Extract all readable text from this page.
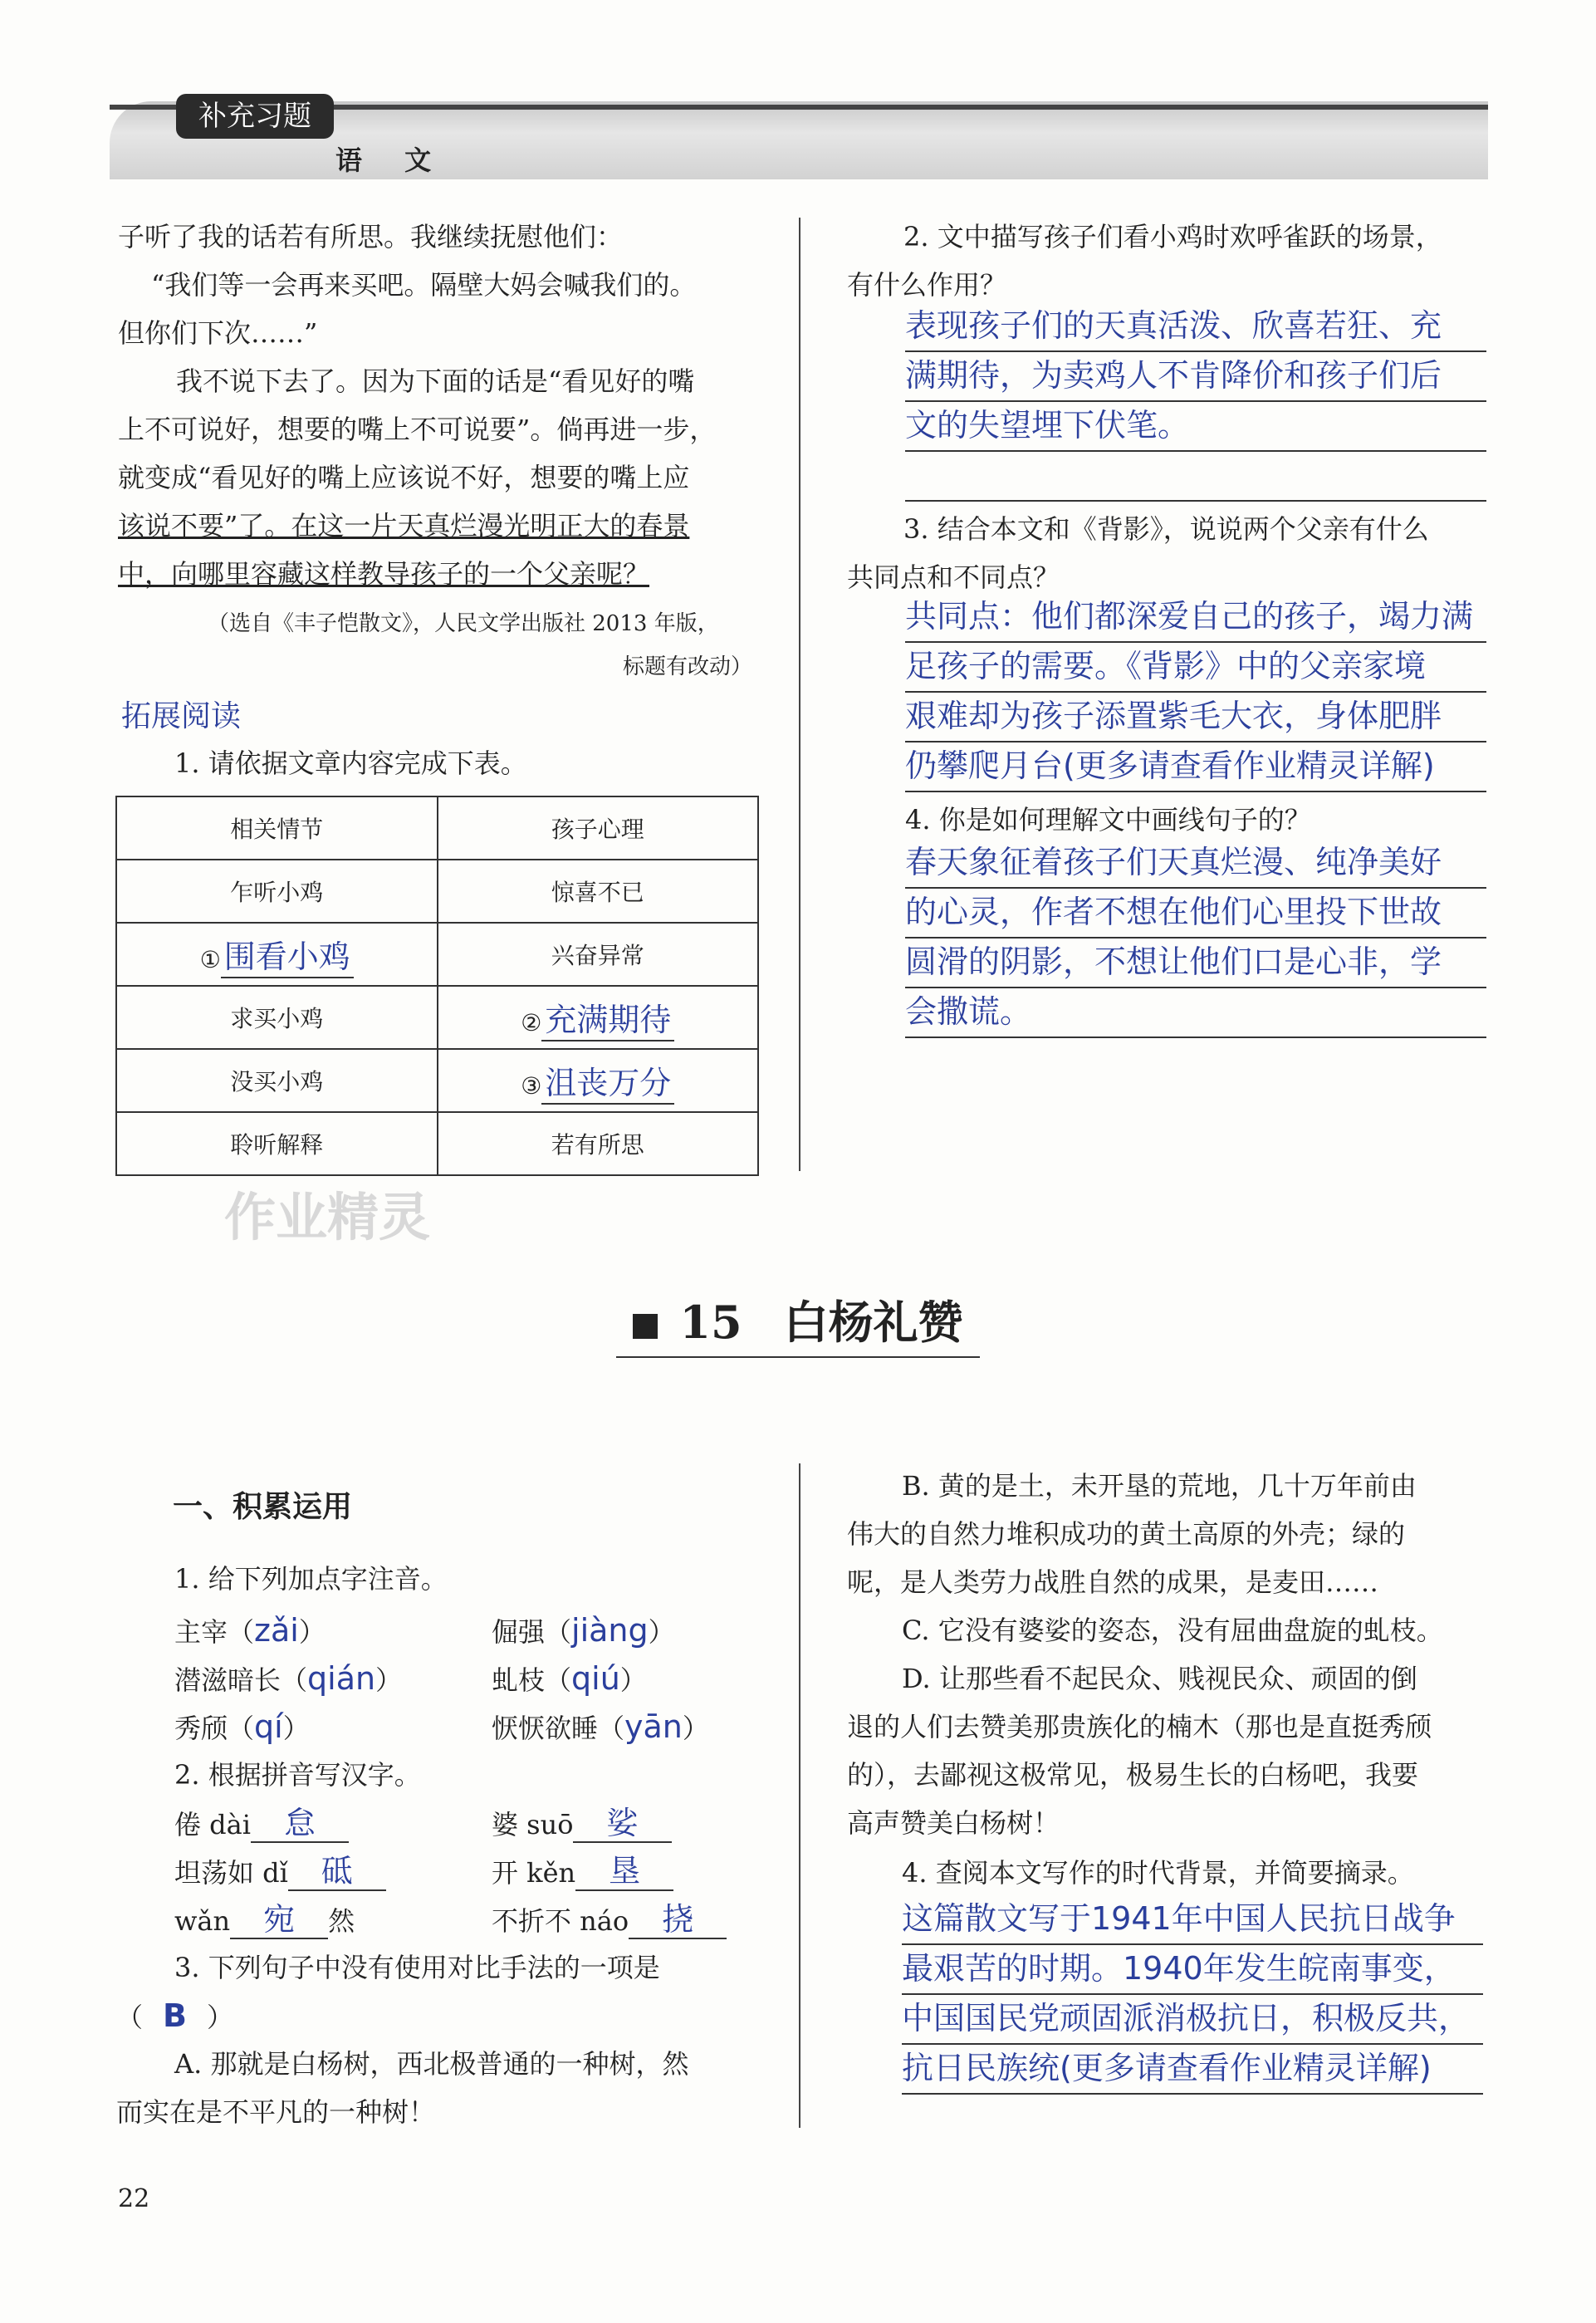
补充习题
语 文
子听了我的话若有所思。我继续抚慰他们：
“我们等一会再来买吧。隔壁大妈会喊我们的。
但你们下次……”
我不说下去了。因为下面的话是“看见好的嘴
上不可说好，想要的嘴上不可说要”。倘再进一步，
就变成“看见好的嘴上应该说不好，想要的嘴上应
该说不要”了。在这一片天真烂漫光明正大的春景
中，向哪里容藏这样教导孩子的一个父亲呢？
（选自《丰子恺散文》，人民文学出版社 2013 年版，
标题有改动）
拓展阅读
1. 请依据文章内容完成下表。
相关情节	孩子心理
乍听小鸡	惊喜不已
① 围看小鸡	兴奋异常
求买小鸡	② 充满期待
没买小鸡	③ 沮丧万分
聆听解释	若有所思
作业精灵
2. 文中描写孩子们看小鸡时欢呼雀跃的场景，
有什么作用？
表现孩子们的天真活泼、欣喜若狂、充
满期待，为卖鸡人不肯降价和孩子们后
文的失望埋下伏笔。
3. 结合本文和《背影》，说说两个父亲有什么
共同点和不同点？
共同点：他们都深爱自己的孩子，竭力满
足孩子的需要。《背影》中的父亲家境
艰难却为孩子添置紫毛大衣，身体肥胖
仍攀爬月台(更多请查看作业精灵详解)
4. 你是如何理解文中画线句子的？
春天象征着孩子们天真烂漫、纯净美好
的心灵，作者不想在他们心里投下世故
圆滑的阴影，不想让他们口是心非，学
会撒谎。
15 白杨礼赞
一、积累运用
1. 给下列加点字注音。
主宰（zǎi）	倔强（jiàng）
潜滋暗长（qián）	虬枝（qiú）
秀颀（qí）	恹恹欲睡（yān）
2. 根据拼音写汉字。
倦 dài 怠	婆 suō 娑
坦荡如 dǐ 砥	开 kěn 垦
wǎn 宛 然	不折不 náo 挠
3. 下列句子中没有使用对比手法的一项是
（ B ）
A. 那就是白杨树，西北极普通的一种树，然
而实在是不平凡的一种树！
B. 黄的是土，未开垦的荒地，几十万年前由
伟大的自然力堆积成功的黄土高原的外壳；绿的
呢，是人类劳力战胜自然的成果，是麦田……
C. 它没有婆娑的姿态，没有屈曲盘旋的虬枝。
D. 让那些看不起民众、贱视民众、顽固的倒
退的人们去赞美那贵族化的楠木（那也是直挺秀颀
的），去鄙视这极常见，极易生长的白杨吧，我要
高声赞美白杨树！
4. 查阅本文写作的时代背景，并简要摘录。
这篇散文写于1941年中国人民抗日战争
最艰苦的时期。1940年发生皖南事变，
中国国民党顽固派消极抗日，积极反共，
抗日民族统(更多请查看作业精灵详解)
22
